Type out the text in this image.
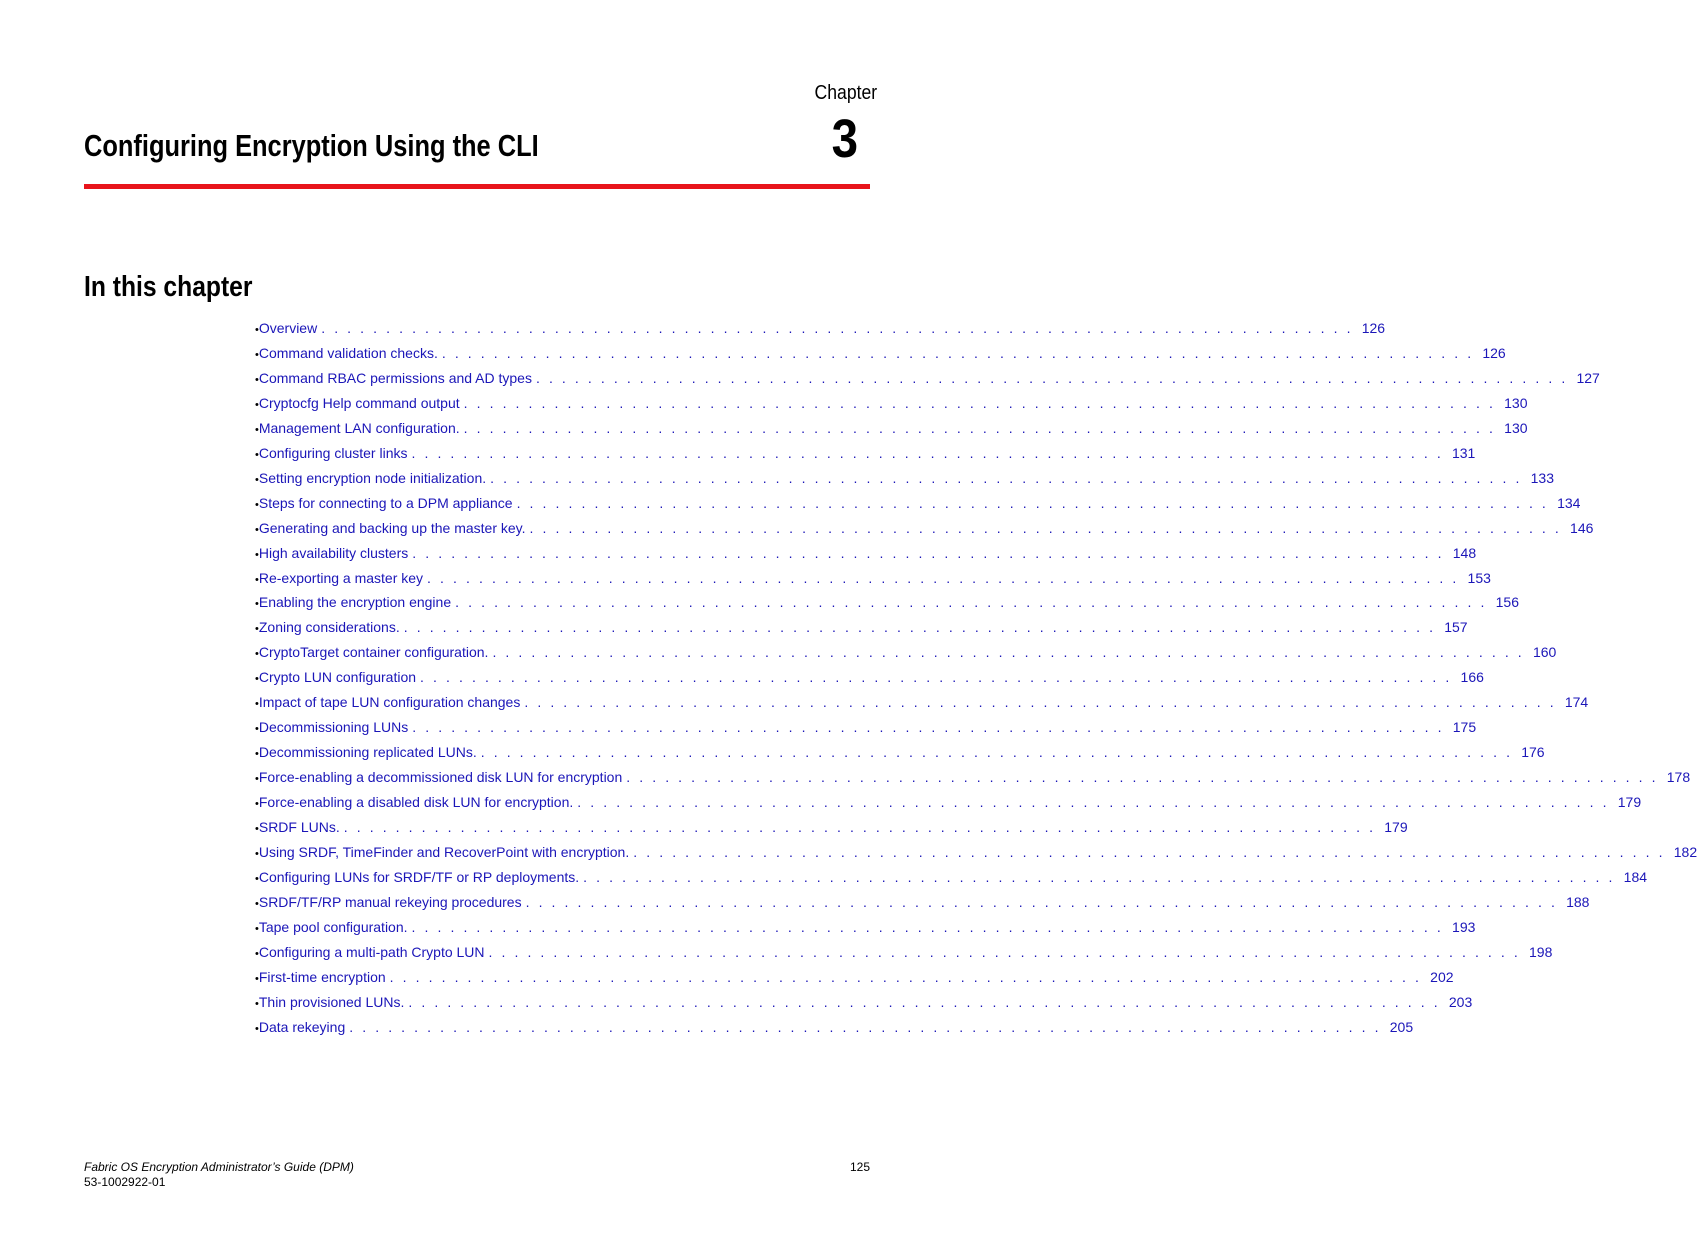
Chapter
3
Configuring Encryption Using the CLI
In this chapter
• Overview . . . . . . . . . . . . . . . . . . . . . . . . . . . . . . . . . . . . . . . . . . . . . . . . . . . . . . . . . . . . . . . . . . . . . . . . . . . . . . . . 126
• Command validation checks. . . . . . . . . . . . . . . . . . . . . . . . . . . . . . . . . . . . . . . . . . . . . . . . . . . . . . . . . . . . . . . . . . . . . . . . . . . . . . . . . 126
• Command RBAC permissions and AD types . . . . . . . . . . . . . . . . . . . . . . . . . . . . . . . . . . . . . . . . . . . . . . . . . . . . . . . . . . . . . . . . . . . . . . . . . . . . . . . . 127
• Cryptocfg Help command output . . . . . . . . . . . . . . . . . . . . . . . . . . . . . . . . . . . . . . . . . . . . . . . . . . . . . . . . . . . . . . . . . . . . . . . . . . . . . . . . 130
• Management LAN configuration. . . . . . . . . . . . . . . . . . . . . . . . . . . . . . . . . . . . . . . . . . . . . . . . . . . . . . . . . . . . . . . . . . . . . . . . . . . . . . . . . 130
• Configuring cluster links . . . . . . . . . . . . . . . . . . . . . . . . . . . . . . . . . . . . . . . . . . . . . . . . . . . . . . . . . . . . . . . . . . . . . . . . . . . . . . . . 131
• Setting encryption node initialization. . . . . . . . . . . . . . . . . . . . . . . . . . . . . . . . . . . . . . . . . . . . . . . . . . . . . . . . . . . . . . . . . . . . . . . . . . . . . . . . . 133
• Steps for connecting to a DPM appliance . . . . . . . . . . . . . . . . . . . . . . . . . . . . . . . . . . . . . . . . . . . . . . . . . . . . . . . . . . . . . . . . . . . . . . . . . . . . . . . . 134
• Generating and backing up the master key. . . . . . . . . . . . . . . . . . . . . . . . . . . . . . . . . . . . . . . . . . . . . . . . . . . . . . . . . . . . . . . . . . . . . . . . . . . . . . . . . 146
• High availability clusters . . . . . . . . . . . . . . . . . . . . . . . . . . . . . . . . . . . . . . . . . . . . . . . . . . . . . . . . . . . . . . . . . . . . . . . . . . . . . . . . 148
• Re-exporting a master key . . . . . . . . . . . . . . . . . . . . . . . . . . . . . . . . . . . . . . . . . . . . . . . . . . . . . . . . . . . . . . . . . . . . . . . . . . . . . . . . 153
• Enabling the encryption engine . . . . . . . . . . . . . . . . . . . . . . . . . . . . . . . . . . . . . . . . . . . . . . . . . . . . . . . . . . . . . . . . . . . . . . . . . . . . . . . . 156
• Zoning considerations. . . . . . . . . . . . . . . . . . . . . . . . . . . . . . . . . . . . . . . . . . . . . . . . . . . . . . . . . . . . . . . . . . . . . . . . . . . . . . . . . 157
• CryptoTarget container configuration. . . . . . . . . . . . . . . . . . . . . . . . . . . . . . . . . . . . . . . . . . . . . . . . . . . . . . . . . . . . . . . . . . . . . . . . . . . . . . . . . 160
• Crypto LUN configuration . . . . . . . . . . . . . . . . . . . . . . . . . . . . . . . . . . . . . . . . . . . . . . . . . . . . . . . . . . . . . . . . . . . . . . . . . . . . . . . . 166
• Impact of tape LUN configuration changes . . . . . . . . . . . . . . . . . . . . . . . . . . . . . . . . . . . . . . . . . . . . . . . . . . . . . . . . . . . . . . . . . . . . . . . . . . . . . . . . 174
• Decommissioning LUNs . . . . . . . . . . . . . . . . . . . . . . . . . . . . . . . . . . . . . . . . . . . . . . . . . . . . . . . . . . . . . . . . . . . . . . . . . . . . . . . . 175
• Decommissioning replicated LUNs. . . . . . . . . . . . . . . . . . . . . . . . . . . . . . . . . . . . . . . . . . . . . . . . . . . . . . . . . . . . . . . . . . . . . . . . . . . . . . . . . 176
• Force-enabling a decommissioned disk LUN for encryption . . . . . . . . . . . . . . . . . . . . . . . . . . . . . . . . . . . . . . . . . . . . . . . . . . . . . . . . . . . . . . . . . . . . . . . . . . . . . . . . 178
• Force-enabling a disabled disk LUN for encryption. . . . . . . . . . . . . . . . . . . . . . . . . . . . . . . . . . . . . . . . . . . . . . . . . . . . . . . . . . . . . . . . . . . . . . . . . . . . . . . . . 179
• SRDF LUNs. . . . . . . . . . . . . . . . . . . . . . . . . . . . . . . . . . . . . . . . . . . . . . . . . . . . . . . . . . . . . . . . . . . . . . . . . . . . . . . . . 179
• Using SRDF, TimeFinder and RecoverPoint with encryption. . . . . . . . . . . . . . . . . . . . . . . . . . . . . . . . . . . . . . . . . . . . . . . . . . . . . . . . . . . . . . . . . . . . . . . . . . . . . . . . . 182
• Configuring LUNs for SRDF/TF or RP deployments. . . . . . . . . . . . . . . . . . . . . . . . . . . . . . . . . . . . . . . . . . . . . . . . . . . . . . . . . . . . . . . . . . . . . . . . . . . . . . . . . 184
• SRDF/TF/RP manual rekeying procedures . . . . . . . . . . . . . . . . . . . . . . . . . . . . . . . . . . . . . . . . . . . . . . . . . . . . . . . . . . . . . . . . . . . . . . . . . . . . . . . . 188
• Tape pool configuration. . . . . . . . . . . . . . . . . . . . . . . . . . . . . . . . . . . . . . . . . . . . . . . . . . . . . . . . . . . . . . . . . . . . . . . . . . . . . . . . . 193
• Configuring a multi-path Crypto LUN . . . . . . . . . . . . . . . . . . . . . . . . . . . . . . . . . . . . . . . . . . . . . . . . . . . . . . . . . . . . . . . . . . . . . . . . . . . . . . . . 198
• First-time encryption . . . . . . . . . . . . . . . . . . . . . . . . . . . . . . . . . . . . . . . . . . . . . . . . . . . . . . . . . . . . . . . . . . . . . . . . . . . . . . . . 202
• Thin provisioned LUNs. . . . . . . . . . . . . . . . . . . . . . . . . . . . . . . . . . . . . . . . . . . . . . . . . . . . . . . . . . . . . . . . . . . . . . . . . . . . . . . . . 203
• Data rekeying . . . . . . . . . . . . . . . . . . . . . . . . . . . . . . . . . . . . . . . . . . . . . . . . . . . . . . . . . . . . . . . . . . . . . . . . . . . . . . . . 205
Fabric OS Encryption Administrator’s Guide (DPM)
53-1002922-01
125
